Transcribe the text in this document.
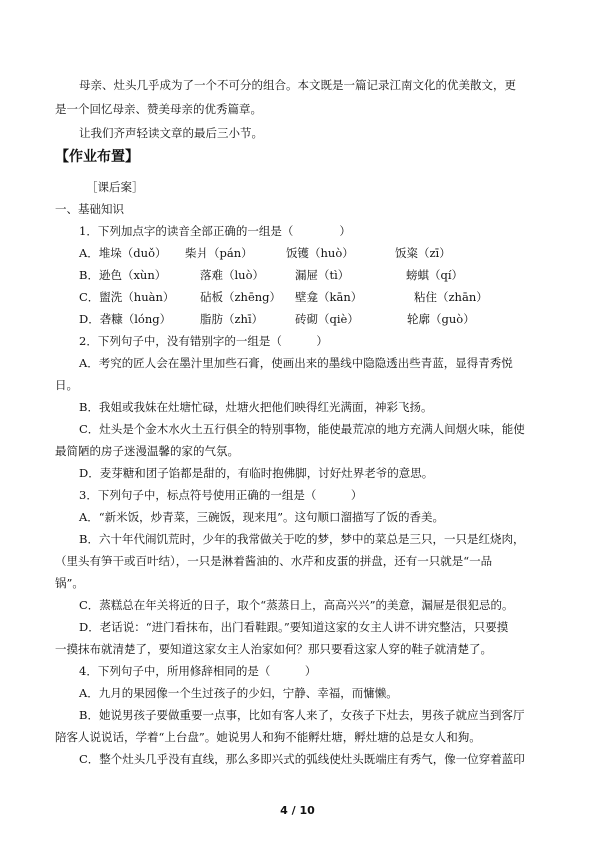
母亲、灶头几乎成为了一个不可分的组合。本文既是一篇记录江南文化的优美散文，更
是一个回忆母亲、赞美母亲的优秀篇章。
让我们齐声轻读文章的最后三小节。
【作业布置】
［课后案］
一、基础知识
1．下列加点字的读音全部正确的一组是（　　　　）
A．堆垛（duǒ） 柴爿（pán）	饭镬（huò）	饭粢（zī）
B．逊色（xùn）	落难（luò）	漏屉（tì）	螃蜞（qí）
C．盥洗（huàn） 砧板（zhēng） 壁龛（kān）	粘住（zhān）
D．砻糠（lóng）	脂肪（zhī）	砖砌（qiè）	轮廓（guò）
2．下列句子中，没有错别字的一组是（　　　）
A．考究的匠人会在墨汁里加些石膏，使画出来的墨线中隐隐透出些青蓝，显得青秀悦
日。
B．我姐或我妹在灶塘忙碌，灶塘火把他们映得红光满面，神彩飞扬。
C．灶头是个金木水火土五行俱全的特别事物，能使最荒凉的地方充满人间烟火味，能使
最简陋的房子迷漫温馨的家的气氛。
D．麦芽糖和团子馅都是甜的，有临时抱佛脚，讨好灶界老爷的意思。
3．下列句子中，标点符号使用正确的一组是（　　　）
A．“新米饭，炒青菜，三碗饭，现来甩”。这句顺口溜描写了饭的香美。
B．六十年代闹饥荒时，少年的我常做关于吃的梦，梦中的菜总是三只，一只是红烧肉，
（里头有笋干或百叶结），一只是淋着酱油的、水芹和皮蛋的拼盘，还有一只就是“一品
锅”。
C．蒸糕总在年关将近的日子，取个“蒸蒸日上，高高兴兴”的美意，漏屉是很犯忌的。
D．老话说：“进门看抹布，出门看鞋跟。”要知道这家的女主人讲不讲究整洁，只要摸
一摸抹布就清楚了，要知道这家女主人治家如何？那只要看这家人穿的鞋子就清楚了。
4．下列句子中，所用修辞相同的是（　　　）
A．九月的果园像一个生过孩子的少妇，宁静、幸福，而慵懒。
B．她说男孩子要做重要一点事，比如有客人来了，女孩子下灶去，男孩子就应当到客厅
陪客人说说话，学着“上台盘”。她说男人和狗不能孵灶塘，孵灶塘的总是女人和狗。
C．整个灶头几乎没有直线，那么多即兴式的弧线使灶头既端庄有秀气，像一位穿着蓝印
4 / 10
